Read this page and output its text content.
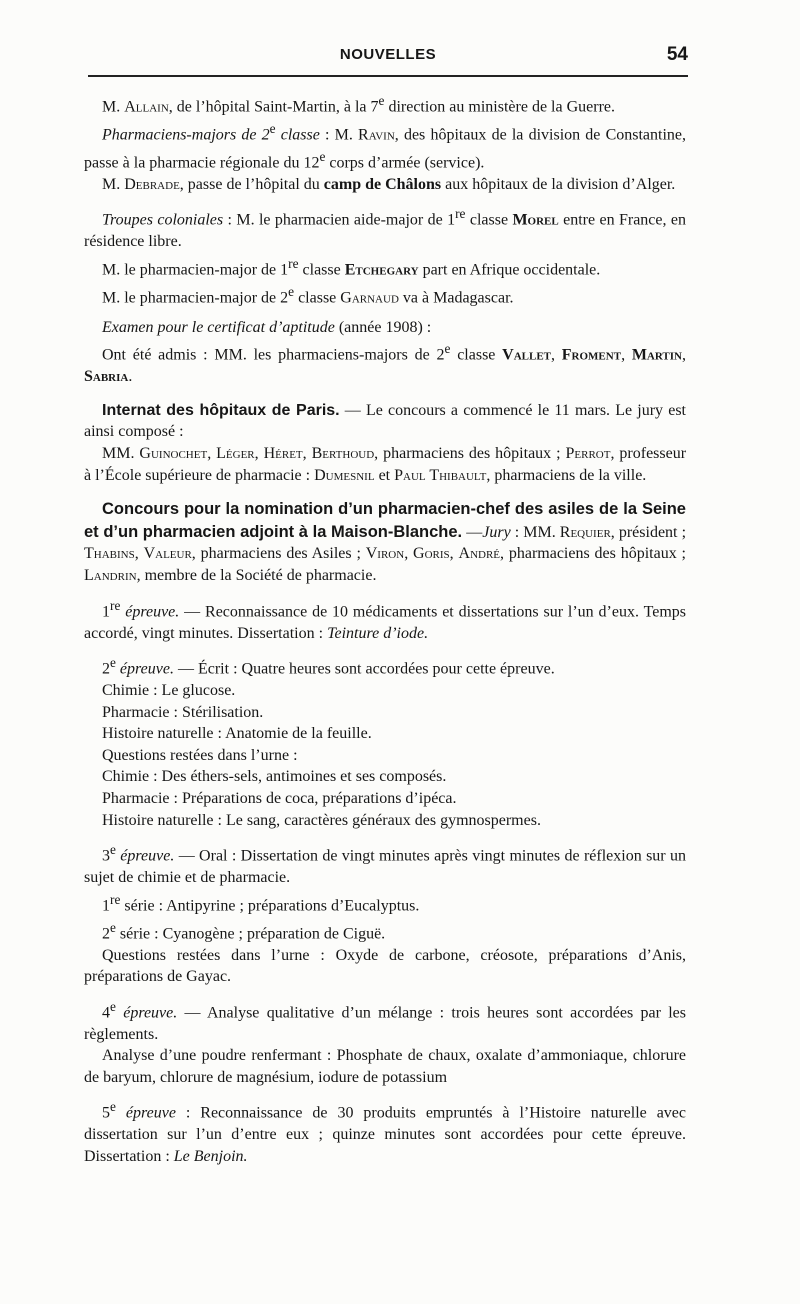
NOUVELLES	54

M. Allain, de l’hôpital Saint-Martin, à la 7e direction au ministère de la Guerre.

Pharmaciens-majors de 2e classe : M. Ravin, des hôpitaux de la division de Constantine, passe à la pharmacie régionale du 12e corps d’armée (service).

M. Debrade, passe de l’hôpital du camp de Châlons aux hôpitaux de la division d’Alger.

Troupes coloniales : M. le pharmacien aide-major de 1re classe Morel entre en France, en résidence libre.

M. le pharmacien-major de 1re classe Etchegary part en Afrique occidentale.

M. le pharmacien-major de 2e classe Garnaud va à Madagascar.

Examen pour le certificat d’aptitude (année 1908) :

Ont été admis : MM. les pharmaciens-majors de 2e classe Vallet, Froment, Martin, Sabria.

Internat des hôpitaux de Paris. — Le concours a commencé le 11 mars. Le jury est ainsi composé :

MM. Guinochet, Léger, Héret, Berthoud, pharmaciens des hôpitaux ; Perrot, professeur à l’École supérieure de pharmacie : Dumesnil et Paul Thibault, pharmaciens de la ville.

Concours pour la nomination d’un pharmacien-chef des asiles de la Seine et d’un pharmacien adjoint à la Maison-Blanche. —Jury : MM. Requier, président ; Thabins, Valeur, pharmaciens des Asiles ; Viron, Goris, André, pharmaciens des hôpitaux ; Landrin, membre de la Société de pharmacie.

1re épreuve. — Reconnaissance de 10 médicaments et dissertations sur l’un d’eux. Temps accordé, vingt minutes. Dissertation : Teinture d’iode.

2e épreuve. — Écrit : Quatre heures sont accordées pour cette épreuve.

Chimie : Le glucose.

Pharmacie : Stérilisation.

Histoire naturelle : Anatomie de la feuille.

Questions restées dans l’urne :

Chimie : Des éthers-sels, antimoines et ses composés.

Pharmacie : Préparations de coca, préparations d’ipéca.

Histoire naturelle : Le sang, caractères généraux des gymnospermes.

3e épreuve. — Oral : Dissertation de vingt minutes après vingt minutes de réflexion sur un sujet de chimie et de pharmacie.

1re série : Antipyrine ; préparations d’Eucalyptus.

2e série : Cyanogène ; préparation de Ciguë.

Questions restées dans l’urne : Oxyde de carbone, créosote, préparations d’Anis, préparations de Gayac.

4e épreuve. — Analyse qualitative d’un mélange : trois heures sont accordées par les règlements.

Analyse d’une poudre renfermant : Phosphate de chaux, oxalate d’ammoniaque, chlorure de baryum, chlorure de magnésium, iodure de potassium

5e épreuve : Reconnaissance de 30 produits empruntés à l’Histoire naturelle avec dissertation sur l’un d’entre eux ; quinze minutes sont accordées pour cette épreuve. Dissertation : Le Benjoin.
